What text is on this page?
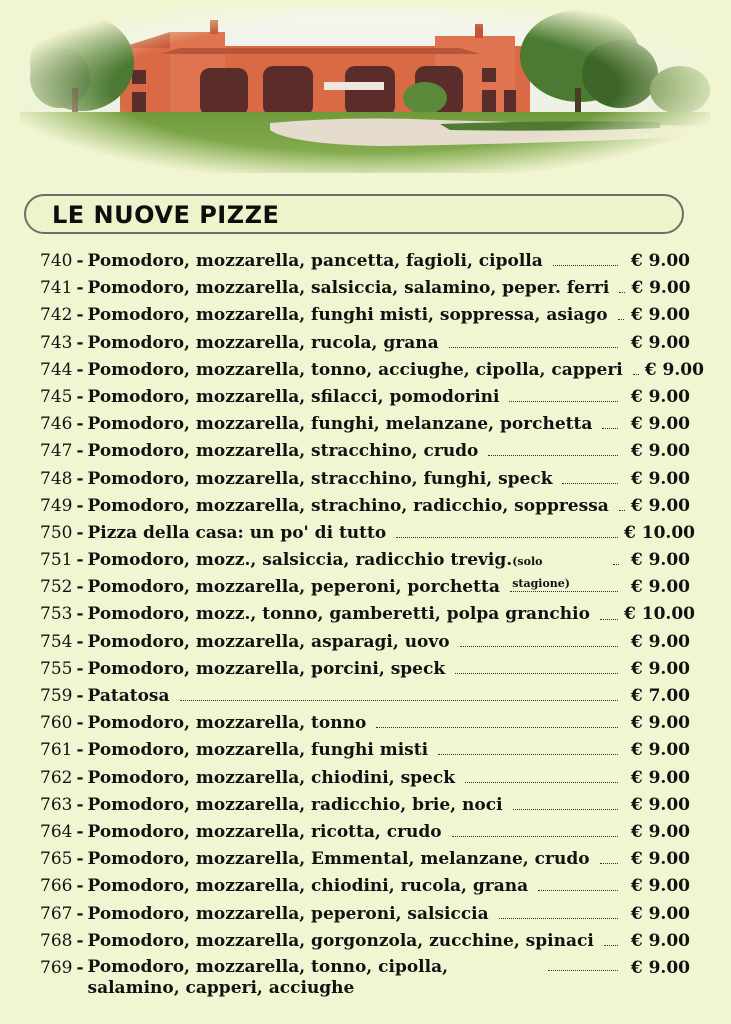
LE NUOVE PIZZE
740 - Pomodoro, mozzarella, pancetta, fagioli, cipolla	€ 9.00
741 - Pomodoro, mozzarella, salsiccia, salamino, peper. ferri € 9.00
742 - Pomodoro, mozzarella, funghi misti, soppressa, asiago € 9.00
743 - Pomodoro, mozzarella, rucola, grana	€ 9.00
744 - Pomodoro, mozzarella, tonno, acciughe, cipolla, capperi € 9.00
745 - Pomodoro, mozzarella, sfilacci, pomodorini	€ 9.00
746 - Pomodoro, mozzarella, funghi, melanzane, porchetta	€ 9.00
747 - Pomodoro, mozzarella, stracchino, crudo	€ 9.00
748 - Pomodoro, mozzarella, stracchino, funghi, speck	€ 9.00
749 - Pomodoro, mozzarella, strachino, radicchio, soppressa € 9.00
750 - Pizza della casa: un po' di tutto	€ 10.00
751 - Pomodoro, mozz., salsiccia, radicchio trevig. (solo stagione)
€ 9.00
752 - Pomodoro, mozzarella, peperoni, porchetta	€ 9.00
753 - Pomodoro, mozz., tonno, gamberetti, polpa granchio € 10.00
754 - Pomodoro, mozzarella, asparagi, uovo	€ 9.00
755 - Pomodoro, mozzarella, porcini, speck	€ 9.00
759 - Patatosa	€ 7.00
760 - Pomodoro, mozzarella, tonno	€ 9.00
761 - Pomodoro, mozzarella, funghi misti	€ 9.00
762 - Pomodoro, mozzarella, chiodini, speck	€ 9.00
763 - Pomodoro, mozzarella, radicchio, brie, noci	€ 9.00
764 - Pomodoro, mozzarella, ricotta, crudo	€ 9.00
765 - Pomodoro, mozzarella, Emmental, melanzane, crudo	€ 9.00
766 - Pomodoro, mozzarella, chiodini, rucola, grana	€ 9.00
767 - Pomodoro, mozzarella, peperoni, salsiccia	€ 9.00
768 - Pomodoro, mozzarella, gorgonzola, zucchine, spinaci	€ 9.00
769 - Pomodoro, mozzarella, tonno, cipolla, salamino, capperi, acciughe
€ 9.00
